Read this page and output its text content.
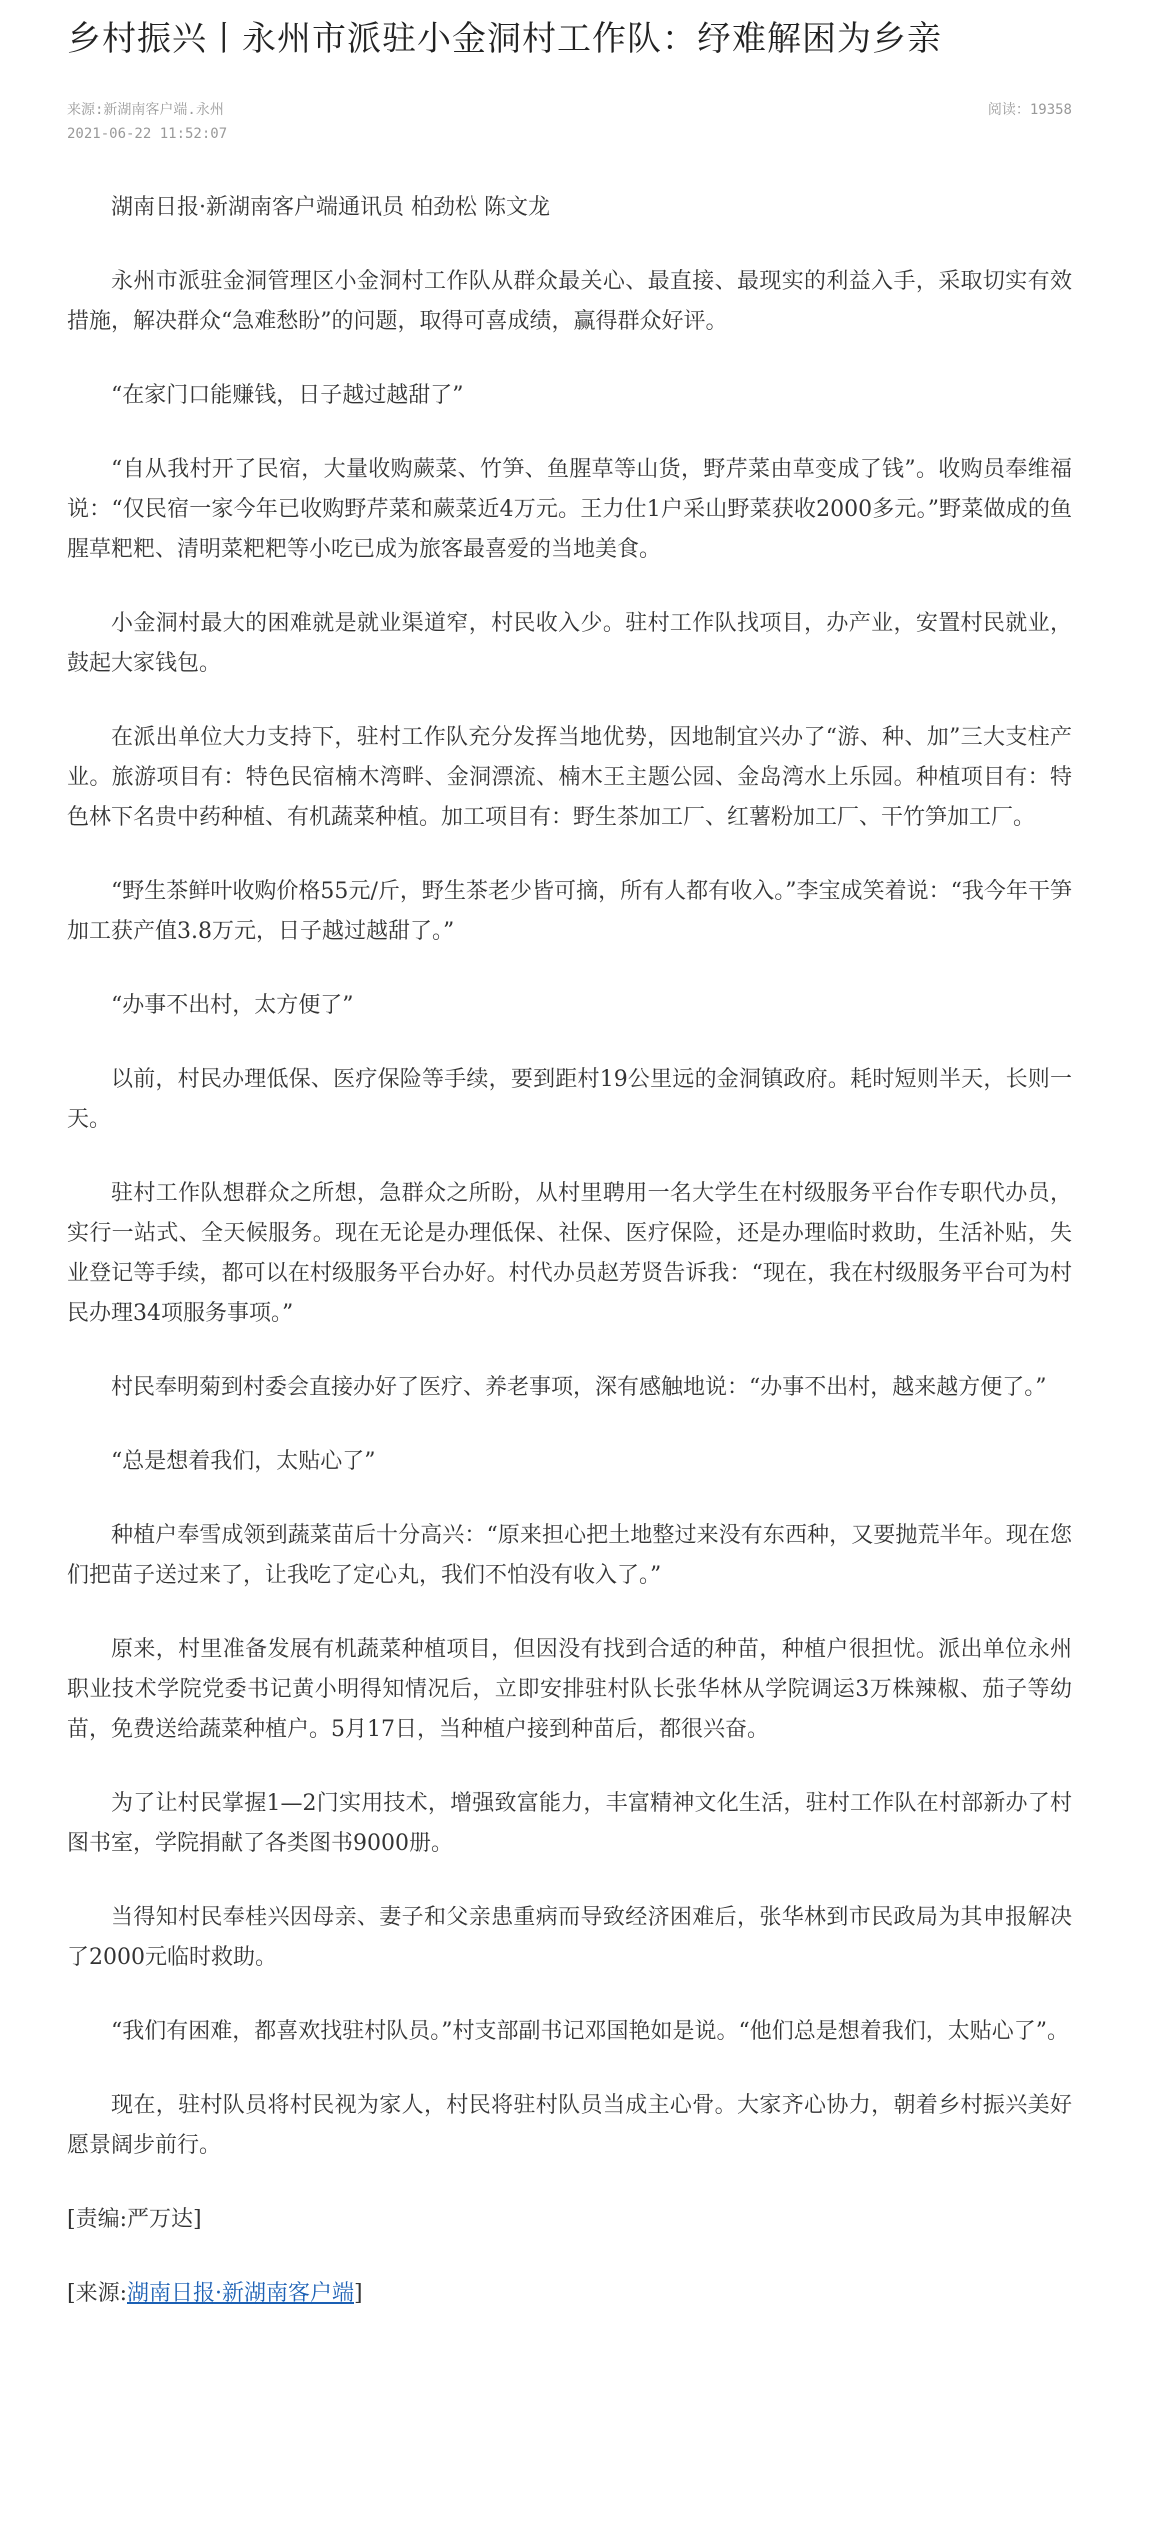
乡村振兴丨永州市派驻小金洞村工作队：纾难解困为乡亲
来源:新湖南客户端.永州	阅读：19358
2021-06-22 11:52:07

湖南日报·新湖南客户端通讯员 柏劲松 陈文龙

永州市派驻金洞管理区小金洞村工作队从群众最关心、最直接、最现实的利益入手，采取切实有效措施，解决群众“急难愁盼”的问题，取得可喜成绩，赢得群众好评。

“在家门口能赚钱，日子越过越甜了”

“自从我村开了民宿，大量收购蕨菜、竹笋、鱼腥草等山货，野芹菜由草变成了钱”。收购员奉维福说：“仅民宿一家今年已收购野芹菜和蕨菜近4万元。王力仕1户采山野菜获收2000多元。”野菜做成的鱼腥草粑粑、清明菜粑粑等小吃已成为旅客最喜爱的当地美食。

小金洞村最大的困难就是就业渠道窄，村民收入少。驻村工作队找项目，办产业，安置村民就业，鼓起大家钱包。

在派出单位大力支持下，驻村工作队充分发挥当地优势，因地制宜兴办了“游、种、加”三大支柱产业。旅游项目有：特色民宿楠木湾畔、金洞漂流、楠木王主题公园、金岛湾水上乐园。种植项目有：特色林下名贵中药种植、有机蔬菜种植。加工项目有：野生茶加工厂、红薯粉加工厂、干竹笋加工厂。

“野生茶鲜叶收购价格55元/斤，野生茶老少皆可摘，所有人都有收入。”李宝成笑着说：“我今年干笋加工获产值3.8万元，日子越过越甜了。”

“办事不出村，太方便了”

以前，村民办理低保、医疗保险等手续，要到距村19公里远的金洞镇政府。耗时短则半天，长则一天。

驻村工作队想群众之所想，急群众之所盼，从村里聘用一名大学生在村级服务平台作专职代办员，实行一站式、全天候服务。现在无论是办理低保、社保、医疗保险，还是办理临时救助，生活补贴，失业登记等手续，都可以在村级服务平台办好。村代办员赵芳贤告诉我：“现在，我在村级服务平台可为村民办理34项服务事项。”

村民奉明菊到村委会直接办好了医疗、养老事项，深有感触地说：“办事不出村，越来越方便了。”

“总是想着我们，太贴心了”

种植户奉雪成领到蔬菜苗后十分高兴：“原来担心把土地整过来没有东西种，又要抛荒半年。现在您们把苗子送过来了，让我吃了定心丸，我们不怕没有收入了。”

原来，村里准备发展有机蔬菜种植项目，但因没有找到合适的种苗，种植户很担忧。派出单位永州职业技术学院党委书记黄小明得知情况后，立即安排驻村队长张华林从学院调运3万株辣椒、茄子等幼苗，免费送给蔬菜种植户。5月17日，当种植户接到种苗后，都很兴奋。

为了让村民掌握1—2门实用技术，增强致富能力，丰富精神文化生活，驻村工作队在村部新办了村图书室，学院捐献了各类图书9000册。

当得知村民奉桂兴因母亲、妻子和父亲患重病而导致经济困难后，张华林到市民政局为其申报解决了2000元临时救助。

“我们有困难，都喜欢找驻村队员。”村支部副书记邓国艳如是说。“他们总是想着我们，太贴心了”。

现在，驻村队员将村民视为家人，村民将驻村队员当成主心骨。大家齐心协力，朝着乡村振兴美好愿景阔步前行。

[责编:严万达]
[来源:湖南日报·新湖南客户端]
